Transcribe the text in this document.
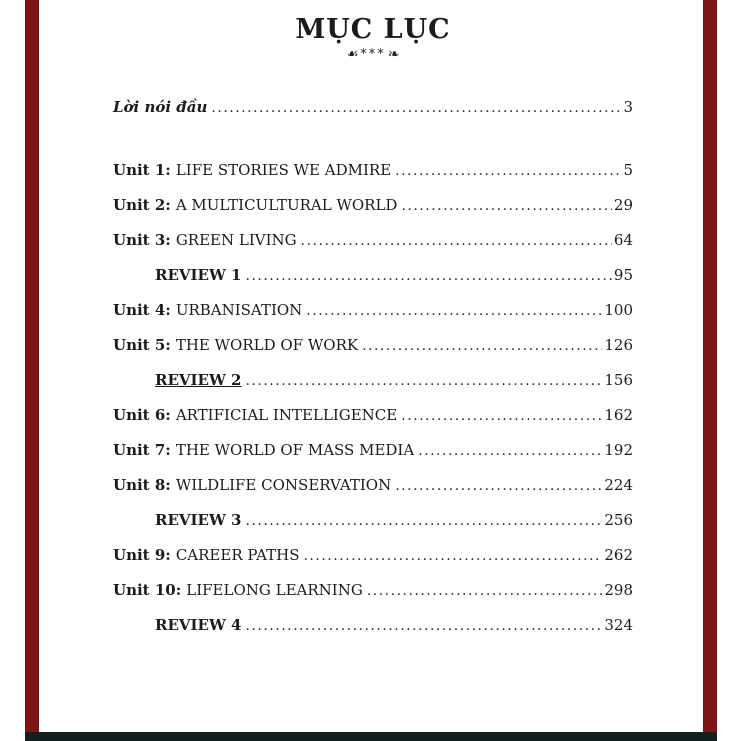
MỤC LỤC
☙***☙
Lời nói đầu .....	3
Unit 1: LIFE STORIES WE ADMIRE .....	5
Unit 2: A MULTICULTURAL WORLD .....	29
Unit 3: GREEN LIVING .....	64
REVIEW 1 .....	95
Unit 4: URBANISATION .....	100
Unit 5: THE WORLD OF WORK .....	126
REVIEW 2 .....	156
Unit 6: ARTIFICIAL INTELLIGENCE .....	162
Unit 7: THE WORLD OF MASS MEDIA .....	192
Unit 8: WILDLIFE CONSERVATION .....	224
REVIEW 3 .....	256
Unit 9: CAREER PATHS .....	262
Unit 10: LIFELONG LEARNING .....	298
REVIEW 4 .....	324
